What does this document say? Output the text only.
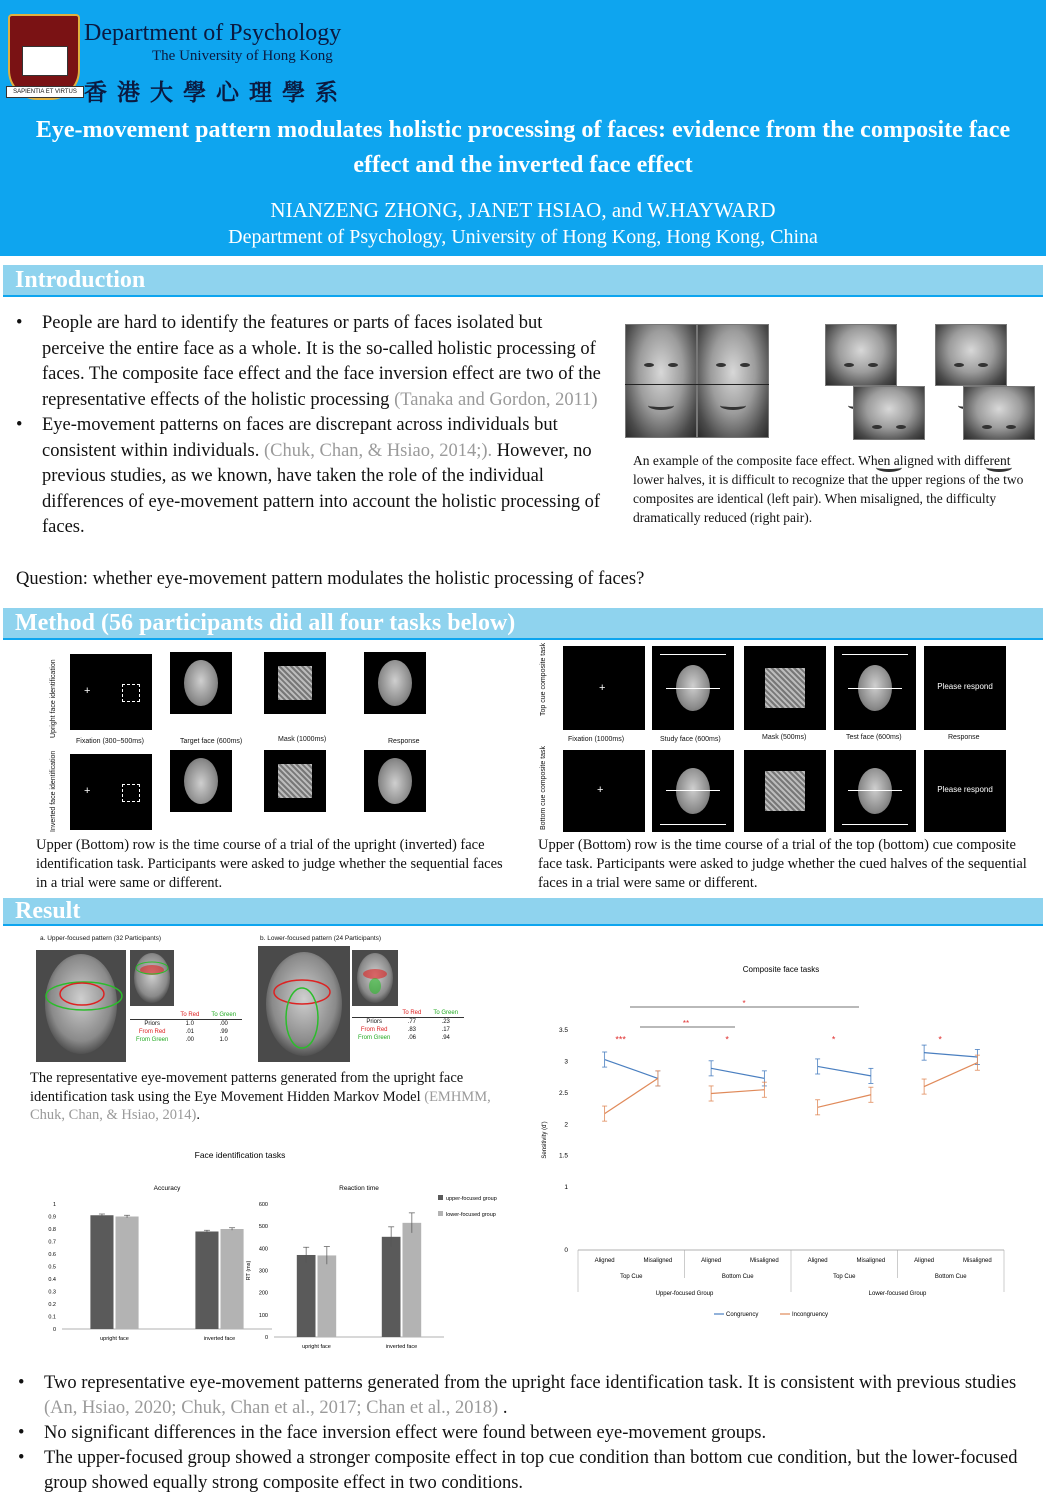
SAPIENTIA ET VIRTUS
Department of Psychology
The University of Hong Kong
香港大學心理學系
Eye-movement pattern modulates holistic processing of faces: evidence from the composite face effect and the inverted face effect
NIANZENG ZHONG, JANET HSIAO, and W.HAYWARD
Department of Psychology, University of Hong Kong, Hong Kong, China
Introduction
• People are hard to identify the features or parts of faces isolated but perceive the entire face as a whole. It is the so-called holistic processing of faces. The composite face effect and the face inversion effect are two of the representative effects of the holistic processing (Tanaka and Gordon, 2011)
• Eye-movement patterns on faces are discrepant across individuals but consistent within individuals. (Chuk, Chan, & Hsiao, 2014;). However, no previous studies, as we known, have taken the role of the individual differences of eye-movement pattern into account the holistic processing of faces.
Question: whether eye-movement pattern modulates the holistic processing of faces?
An example of the composite face effect. When aligned with different lower halves, it is difficult to recognize that the upper regions of the two composites are identical (left pair). When misaligned, the difficulty dramatically reduced (right pair).
Method (56 participants did all four tasks below)
Upright face identification
Inverted face identification
+
Fixation (300~500ms)	Target face (600ms)	Mask (1000ms)	Response
+
Upper (Bottom) row is the time course of a trial of the upright (inverted) face identification task. Participants were asked to judge whether the sequential faces in a trial were same or different.
Top cue composite task
Bottom cue composite task
+	Please respond
Fixation (1000ms)	Study face (600ms)	Mask (500ms)	Test face (600ms)	Response
+	Please respond
Upper (Bottom) row is the time course of a trial of the top (bottom) cue composite face task. Participants were asked to judge whether the cued halves of the sequential faces in a trial were same or different.
Result
a. Upper-focused pattern (32 Participants)	b. Lower-focused pattern (24 Participants)
	To Red	To Green
Priors	1.0	.00
From Red	.01	.99
From Green	.00	1.0
	To Red	To Green
Priors	.77	.23
From Red	.83	.17
From Green	.06	.94
The representative eye-movement patterns generated from the upright face identification task using the Eye Movement Hidden Markov Model (EMHMM, Chuk, Chan, & Hsiao, 2014).
Face identification tasks
Accuracy
0
0.1
0.2
0.3
0.4
0.5
0.6
0.7
0.8
0.9
1
upright face	inverted face
Reaction time
0
100
200
300
400
500
600
RT (ms)
upright face	inverted face
upper-focused group
lower-focused group
Composite face tasks
0
1
1.5
2
2.5
3
3.5
Sensitivity (d')
Aligned	Misaligned
Top Cue
***
Aligned	Misaligned
Bottom Cue
*
Aligned	Misaligned
Top Cue
*
Aligned	Misaligned
Bottom Cue
*
Upper-focused Group	Lower-focused Group
**
*
Congruency	Incongruency
• Two representative eye-movement patterns generated from the upright face identification task. It is consistent with previous studies (An, Hsiao, 2020; Chuk, Chan et al., 2017; Chan et al., 2018) .
• No significant differences in the face inversion effect were found between eye-movement groups.
• The upper-focused group showed a stronger composite effect in top cue condition than bottom cue condition, but the lower-focused group showed equally strong composite effect in two conditions.
